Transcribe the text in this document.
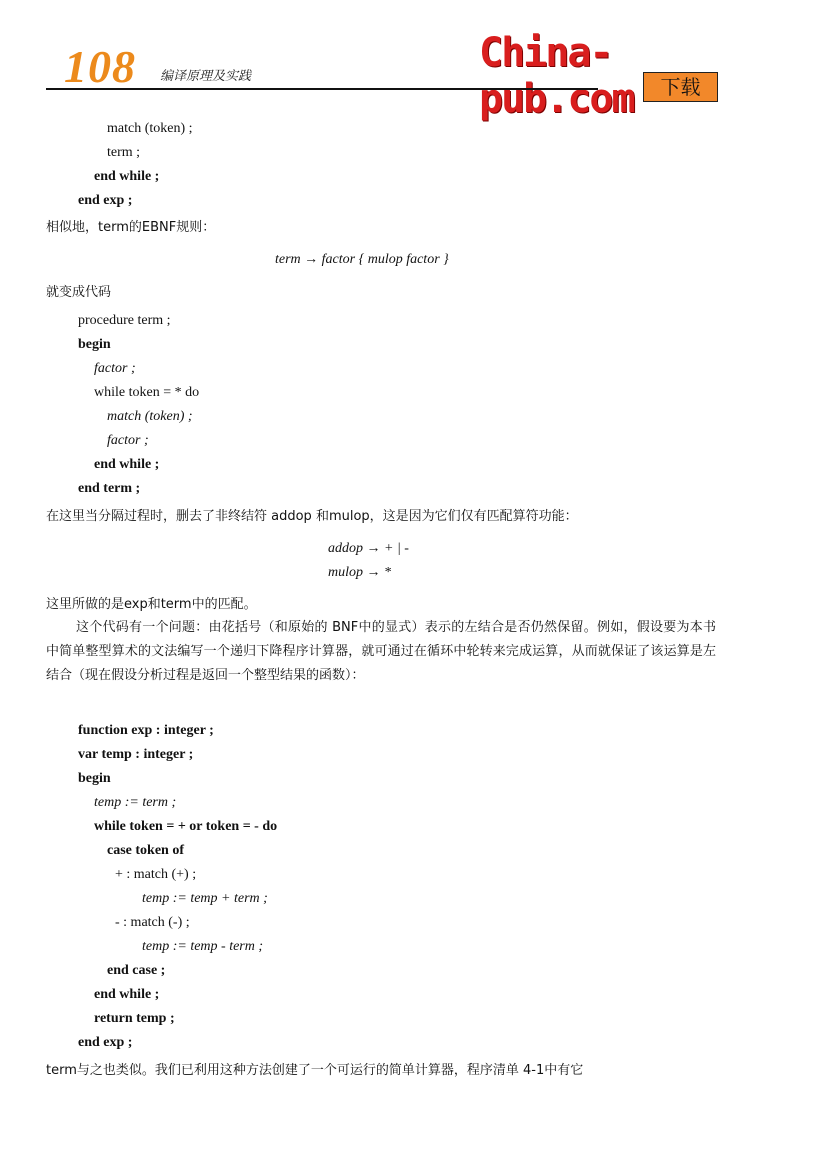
108 编译原理及实践
China-pub.com	下载
match (token) ;
term ;
end while ;
end exp ;
相似地，term的EBNF规则：
term → factor { mulop factor }
就变成代码
procedure term ;
begin
factor ;
while token = * do
match (token) ;
factor ;
end while ;
end term ;
在这里当分隔过程时，删去了非终结符 addop 和mulop，这是因为它们仅有匹配算符功能：
addop → + | -
mulop → *
这里所做的是exp和term中的匹配。
这个代码有一个问题：由花括号（和原始的 BNF中的显式）表示的左结合是否仍然保留。例如，假设要为本书中简单整型算术的文法编写一个递归下降程序计算器，就可通过在循环中轮转来完成运算，从而就保证了该运算是左结合（现在假设分析过程是返回一个整型结果的函数）：
function exp : integer ;
var temp : integer ;
begin
temp := term ;
while token = + or token = - do
case token of
+ : match (+) ;
temp := temp + term ;
- : match (-) ;
temp := temp - term ;
end case ;
end while ;
return temp ;
end exp ;
term与之也类似。我们已利用这种方法创建了一个可运行的简单计算器，程序清单 4-1中有它
